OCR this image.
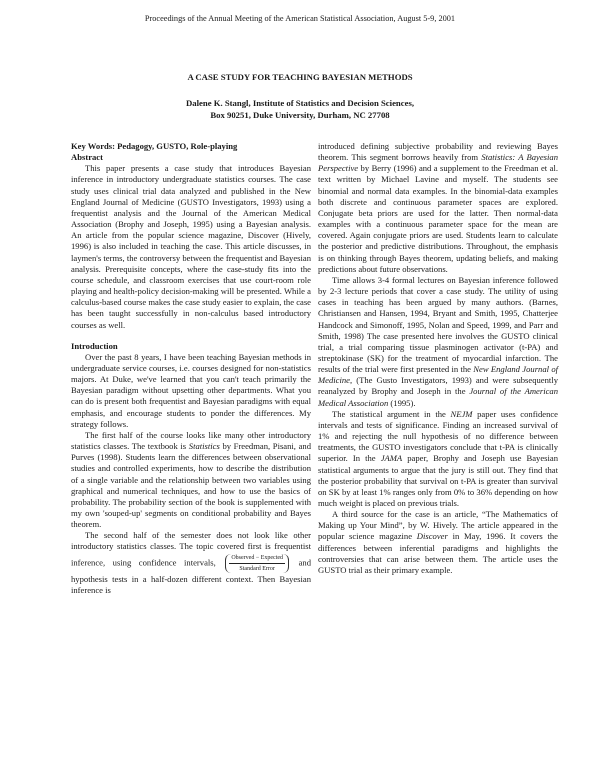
Proceedings of the Annual Meeting of the American Statistical Association, August 5-9, 2001
A CASE STUDY FOR TEACHING BAYESIAN METHODS
Dalene K. Stangl, Institute of Statistics and Decision Sciences,
Box 90251, Duke University, Durham, NC 27708

Key Words: Pedagogy, GUSTO, Role-playing

Abstract

This paper presents a case study that introduces Bayesian inference in introductory undergraduate statistics courses. The case study uses clinical trial data analyzed and published in the New England Journal of Medicine (GUSTO Investigators, 1993) using a frequentist analysis and the Journal of the American Medical Association (Brophy and Joseph, 1995) using a Bayesian analysis. An article from the popular science magazine, Discover (Hively, 1996) is also included in teaching the case. This article discusses, in laymen's terms, the controversy between the frequentist and Bayesian analysis. Prerequisite concepts, where the case-study fits into the course schedule, and classroom exercises that use court-room role playing and health-policy decision-making will be presented. While a calculus-based course makes the case study easier to explain, the case has been taught successfully in non-calculus based introductory courses as well.

Introduction

Over the past 8 years, I have been teaching Bayesian methods in undergraduate service courses, i.e. courses designed for non-statistics majors. At Duke, we've learned that you can't teach primarily the Bayesian paradigm without upsetting other departments. What you can do is present both frequentist and Bayesian paradigms with equal emphasis, and encourage students to ponder the differences. My strategy follows.

The first half of the course looks like many other introductory statistics classes. The textbook is Statistics by Freedman, Pisani, and Purves (1998). Students learn the differences between observational studies and controlled experiments, how to describe the distribution of a single variable and the relationship between two variables using graphical and numerical techniques, and how to use the basics of probability. The probability section of the book is supplemented with my own 'souped-up' segments on conditional probability and Bayes theorem.

The second half of the semester does not look like other introductory statistics classes. The topic covered first is frequentist inference, using confidence intervals, $\frac{\text{Observed − Expected}}{\text{Standard Error}}$ and hypothesis tests in a half-dozen different context. Then Bayesian inference is

introduced defining subjective probability and reviewing Bayes theorem. This segment borrows heavily from Statistics: A Bayesian Perspective by Berry (1996) and a supplement to the Freedman et al. text written by Michael Lavine and myself. The students see binomial and normal data examples. In the binomial-data examples both discrete and continuous parameter spaces are explored. Conjugate beta priors are used for the latter. Then normal-data examples with a continuous parameter space for the mean are covered. Again conjugate priors are used. Students learn to calculate the posterior and predictive distributions. Throughout, the emphasis is on thinking through Bayes theorem, updating beliefs, and making predictions about future observations.

Time allows 3-4 formal lectures on Bayesian inference followed by 2-3 lecture periods that cover a case study. The utility of using cases in teaching has been argued by many authors. (Barnes, Christiansen and Hansen, 1994, Bryant and Smith, 1995, Chatterjee Handcock and Simonoff, 1995, Nolan and Speed, 1999, and Parr and Smith, 1998) The case presented here involves the GUSTO clinical trial, a trial comparing tissue plasminogen activator (t-PA) and streptokinase (SK) for the treatment of myocardial infarction. The results of the trial were first presented in the New England Journal of Medicine, (The Gusto Investigators, 1993) and were subsequently reanalyzed by Brophy and Joseph in the Journal of the American Medical Association (1995).

The statistical argument in the NEJM paper uses confidence intervals and tests of significance. Finding an increased survival of 1% and rejecting the null hypothesis of no difference between treatments, the GUSTO investigators conclude that t-PA is clinically superior. In the JAMA paper, Brophy and Joseph use Bayesian statistical arguments to argue that the jury is still out. They find that the posterior probability that survival on t-PA is greater than survival on SK by at least 1% ranges only from 0% to 36% depending on how much weight is placed on previous trials.

A third source for the case is an article, “The Mathematics of Making up Your Mind”, by W. Hively. The article appeared in the popular science magazine Discover in May, 1996. It covers the differences between inferential paradigms and highlights the controversies that can arise between them. The article uses the GUSTO trial as their primary example.
